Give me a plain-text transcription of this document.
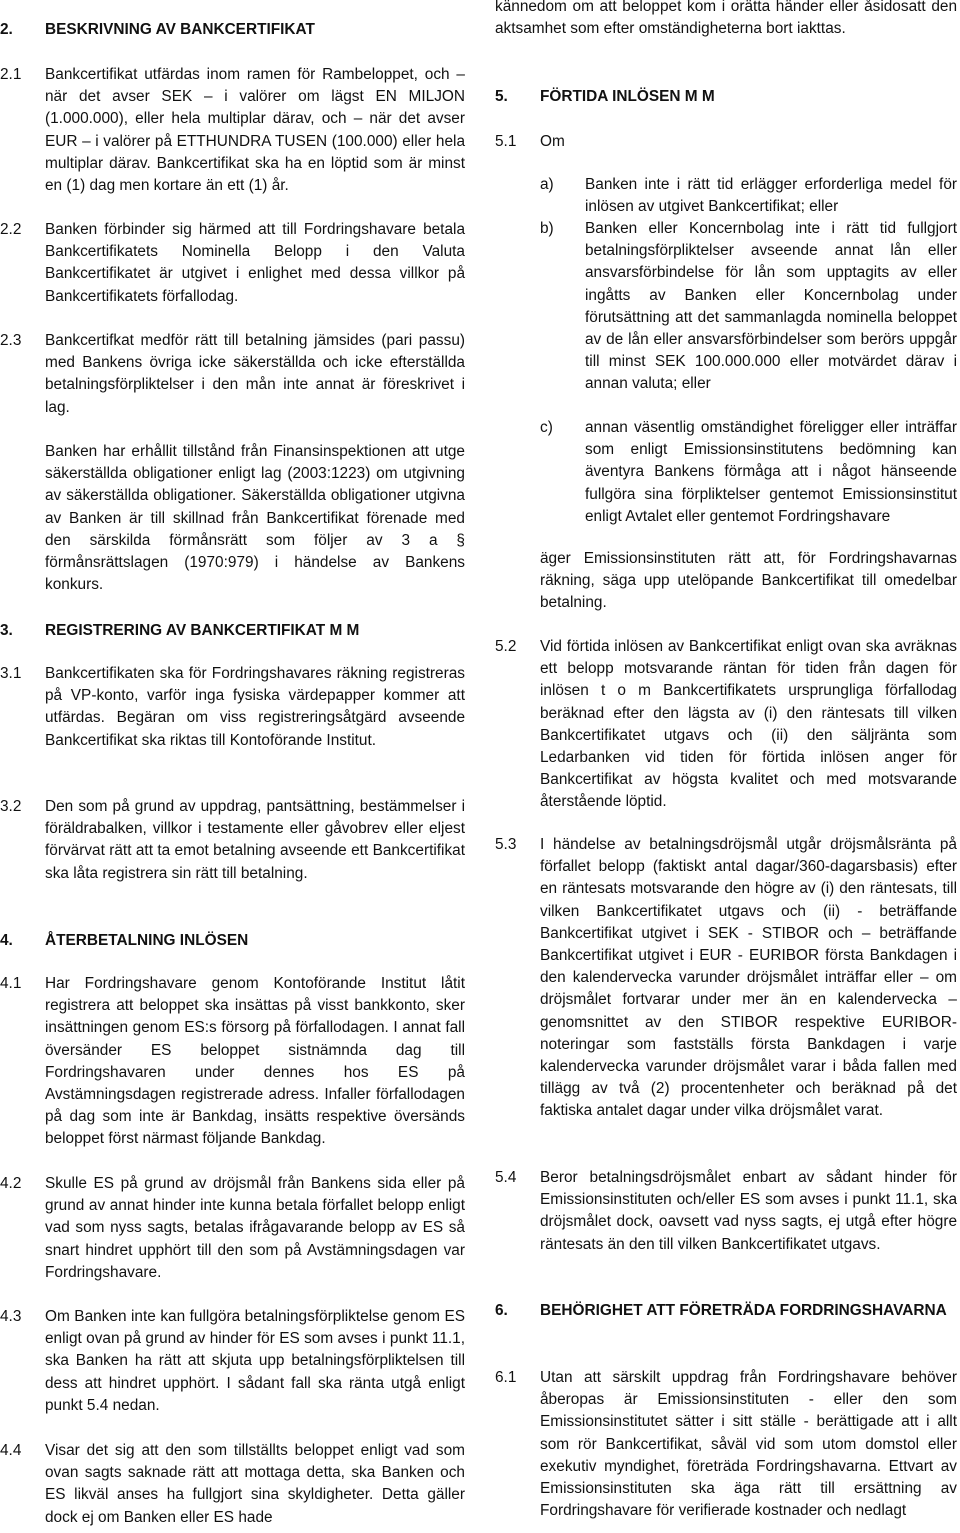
2.	BESKRIVNING AV BANKCERTIFIKAT
2.1	Bankcertifikat utfärdas inom ramen för Rambeloppet, och – när det avser SEK – i valörer om lägst EN MILJON (1.000.000), eller hela multiplar därav, och – när det avser EUR – i valörer på ETTHUNDRA TUSEN (100.000) eller hela multiplar därav. Bankcertifikat ska ha en löptid som är minst en (1) dag men kortare än ett (1) år.
2.2	Banken förbinder sig härmed att till Fordringshavare betala Bankcertifikatets Nominella Belopp i den Valuta Bankcertifikatet är utgivet i enlighet med dessa villkor på Bankcertifikatets förfallodag.
2.3	Bankcertifkat medför rätt till betalning jämsides (pari passu) med Bankens övriga icke säkerställda och icke efterställda betalningsförpliktelser i den mån inte annat är föreskrivet i lag.
Banken har erhållit tillstånd från Finansinspektionen att utge säkerställda obligationer enligt lag (2003:1223) om utgivning av säkerställda obligationer. Säkerställda obligationer utgivna av Banken är till skillnad från Bankcertifikat förenade med den särskilda förmånsrätt som följer av 3 a § förmånsrättslagen (1970:979) i händelse av Bankens konkurs.
3.	REGISTRERING AV BANKCERTIFIKAT M M
3.1	Bankcertifikaten ska för Fordringshavares räkning registreras på VP-konto, varför inga fysiska värdepapper kommer att utfärdas. Begäran om viss registreringsåtgärd avseende Bankcertifikat ska riktas till Kontoförande Institut.
3.2	Den som på grund av uppdrag, pantsättning, bestämmelser i föräldrabalken, villkor i testamente eller gåvobrev eller eljest förvärvat rätt att ta emot betalning avseende ett Bankcertifikat ska låta registrera sin rätt till betalning.
4.	ÅTERBETALNING INLÖSEN
4.1	Har Fordringshavare genom Kontoförande Institut låtit registrera att beloppet ska insättas på visst bankkonto, sker insättningen genom ES:s försorg på förfallodagen. I annat fall översänder ES beloppet sistnämnda dag till Fordringshavaren under dennes hos ES på Avstämningsdagen registrerade adress. Infaller förfallodagen på dag som inte är Bankdag, insätts respektive översänds beloppet först närmast följande Bankdag.
4.2	Skulle ES på grund av dröjsmål från Bankens sida eller på grund av annat hinder inte kunna betala förfallet belopp enligt vad som nyss sagts, betalas ifrågavarande belopp av ES så snart hindret upphört till den som på Avstämningsdagen var Fordringshavare.
4.3	Om Banken inte kan fullgöra betalningsförpliktelse genom ES enligt ovan på grund av hinder för ES som avses i punkt 11.1, ska Banken ha rätt att skjuta upp betalningsförpliktelsen till dess att hindret upphört. I sådant fall ska ränta utgå enligt punkt 5.4 nedan.
4.4	Visar det sig att den som tillställts beloppet enligt vad som ovan sagts saknade rätt att mottaga detta, ska Banken och ES likväl anses ha fullgjort sina skyldigheter. Detta gäller dock ej om Banken eller ES hade
kännedom om att beloppet kom i orätta händer eller åsidosatt den aktsamhet som efter omständigheterna bort iakttas.
5.	FÖRTIDA INLÖSEN M M
5.1	Om
a)	Banken inte i rätt tid erlägger erforderliga medel för inlösen av utgivet Bankcertifikat; eller
b)	Banken eller Koncernbolag inte i rätt tid fullgjort betalningsförpliktelser avseende annat lån eller ansvarsförbindelse för lån som upptagits av eller ingåtts av Banken eller Koncernbolag under förutsättning att det sammanlagda nominella beloppet av de lån eller ansvarsförbindelser som berörs uppgår till minst SEK 100.000.000 eller motvärdet därav i annan valuta; eller
c)	annan väsentlig omständighet föreligger eller inträffar som enligt Emissionsinstitutens bedömning kan äventyra Bankens förmåga att i något hänseende fullgöra sina förpliktelser gentemot Emissionsinstitut enligt Avtalet eller gentemot Fordringshavare
äger Emissionsinstituten rätt att, för Fordringshavarnas räkning, säga upp utelöpande Bankcertifikat till omedelbar betalning.
5.2	Vid förtida inlösen av Bankcertifikat enligt ovan ska avräknas ett belopp motsvarande räntan för tiden från dagen för inlösen t o m Bankcertifikatets ursprungliga förfallodag beräknad efter den lägsta av (i) den räntesats till vilken Bankcertifikatet utgavs och (ii) den säljränta som Ledarbanken vid tiden för förtida inlösen anger för Bankcertifikat av högsta kvalitet och med motsvarande återstående löptid.
5.3	I händelse av betalningsdröjsmål utgår dröjsmålsränta på förfallet belopp (faktiskt antal dagar/360-dagarsbasis) efter en räntesats motsvarande den högre av (i) den räntesats, till vilken Bankcertifikatet utgavs och (ii) - beträffande Bankcertifikat utgivet i SEK - STIBOR och – beträffande Bankcertifikat utgivet i EUR - EURIBOR första Bankdagen i den kalendervecka varunder dröjsmålet inträffar eller – om dröjsmålet fortvarar under mer än en kalendervecka – genomsnittet av den STIBOR respektive EURIBOR-noteringar som fastställs första Bankdagen i varje kalendervecka varunder dröjsmålet varar i båda fallen med tillägg av två (2) procentenheter och beräknad på det faktiska antalet dagar under vilka dröjsmålet varat.
5.4	Beror betalningsdröjsmålet enbart av sådant hinder för Emissionsinstituten och/eller ES som avses i punkt 11.1, ska dröjsmålet dock, oavsett vad nyss sagts, ej utgå efter högre räntesats än den till vilken Bankcertifikatet utgavs.
6.	BEHÖRIGHET ATT FÖRETRÄDA FORDRINGSHAVARNA
6.1	Utan att särskilt uppdrag från Fordringshavare behöver åberopas är Emissionsinstituten - eller den som Emissionsinstitutet sätter i sitt ställe - berättigade att i allt som rör Bankcertifikat, såväl vid som utom domstol eller exekutiv myndighet, företräda Fordringshavarna. Ettvart av Emissionsinstituten ska äga rätt till ersättning av Fordringshavare för verifierade kostnader och nedlagt
